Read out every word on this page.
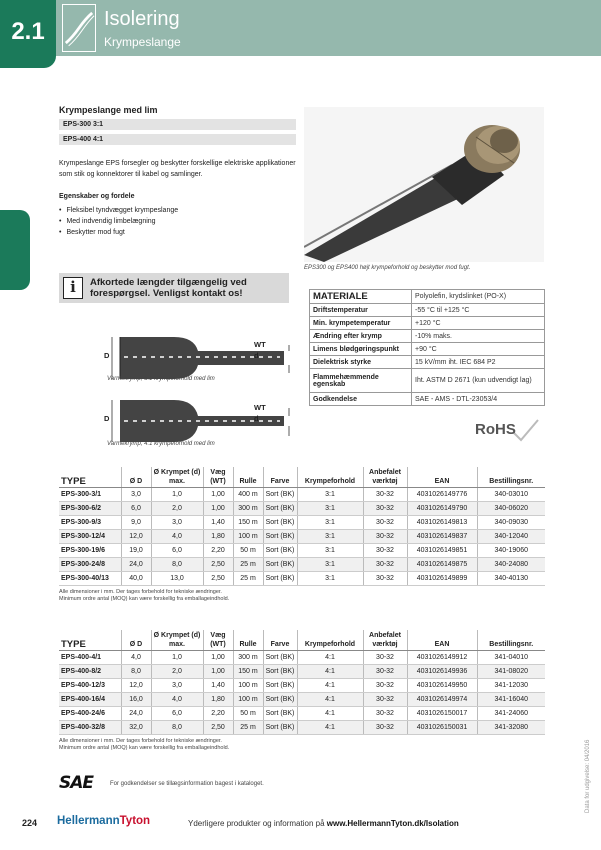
2.1	Isolering
Krympeslange
Krympeslange med lim
EPS-300 3:1
EPS-400 4:1
Krympeslange EPS forsegler og beskytter forskellige elektriske applikationer som stik og konnektorer til kabel og samlinger.
Egenskaber og fordele
• Fleksibel tyndvægget krympeslange
• Med indvendig limbelægning
• Beskytter mod fugt
EPS300 og EPS400 højt krympeforhold og beskytter mod fugt.
i	Afkortede længder tilgængelig ved forespørgsel. Venligst kontakt os!
D
WT
d
Varmekrymp, 3:1 krympeforhold med lim
D
WT
d
Varmekrymp, 4:1 krympeforhold med lim
MATERIALE	Polyolefin, krydslinket (PO-X)
Driftstemperatur	-55 °C til +125 °C
Min. krympetemperatur	+120 °C
Ændring efter krymp	-10% maks.
Limens blødgøringspunkt	+90 °C
Dielektrisk styrke	15 kV/mm iht. IEC 684 P2
Flammehæmmende egenskab	Iht. ASTM D 2671 (kun udvendigt lag)
Godkendelse	SAE - AMS - DTL-23053/4
RoHS
TYPE	Ø D	Ø Krympet (d) max.	Væg (WT)	Rulle	Farve	Krympeforhold	Anbefalet værktøj	EAN	Bestillingsnr.
EPS-300-3/1	3,0	1,0	1,00	400 m	Sort (BK)	3:1	30-32	4031026149776	340-03010
EPS-300-6/2	6,0	2,0	1,00	300 m	Sort (BK)	3:1	30-32	4031026149790	340-06020
EPS-300-9/3	9,0	3,0	1,40	150 m	Sort (BK)	3:1	30-32	4031026149813	340-09030
EPS-300-12/4	12,0	4,0	1,80	100 m	Sort (BK)	3:1	30-32	4031026149837	340-12040
EPS-300-19/6	19,0	6,0	2,20	50 m	Sort (BK)	3:1	30-32	4031026149851	340-19060
EPS-300-24/8	24,0	8,0	2,50	25 m	Sort (BK)	3:1	30-32	4031026149875	340-24080
EPS-300-40/13	40,0	13,0	2,50	25 m	Sort (BK)	3:1	30-32	4031026149899	340-40130
Alle dimensioner i mm. Der tages forbehold for tekniske ændringer.
Minimum ordre antal (MOQ) kan være forskellig fra emballageindhold.
TYPE	Ø D	Ø Krympet (d) max.	Væg (WT)	Rulle	Farve	Krympeforhold	Anbefalet værktøj	EAN	Bestillingsnr.
EPS-400-4/1	4,0	1,0	1,00	300 m	Sort (BK)	4:1	30-32	4031026149912	341-04010
EPS-400-8/2	8,0	2,0	1,00	150 m	Sort (BK)	4:1	30-32	4031026149936	341-08020
EPS-400-12/3	12,0	3,0	1,40	100 m	Sort (BK)	4:1	30-32	4031026149950	341-12030
EPS-400-16/4	16,0	4,0	1,80	100 m	Sort (BK)	4:1	30-32	4031026149974	341-16040
EPS-400-24/6	24,0	6,0	2,20	50 m	Sort (BK)	4:1	30-32	4031026150017	341-24060
EPS-400-32/8	32,0	8,0	2,50	25 m	Sort (BK)	4:1	30-32	4031026150031	341-32080
Alle dimensioner i mm. Der tages forbehold for tekniske ændringer.
Minimum ordre antal (MOQ) kan være forskellig fra emballageindhold.
SAE	For godkendelser se tillægsinformation bagest i kataloget.	Data for udgivelse: 04/2016
224 HellermannTyton	Yderligere produkter og information på www.HellermannTyton.dk/Isolation
